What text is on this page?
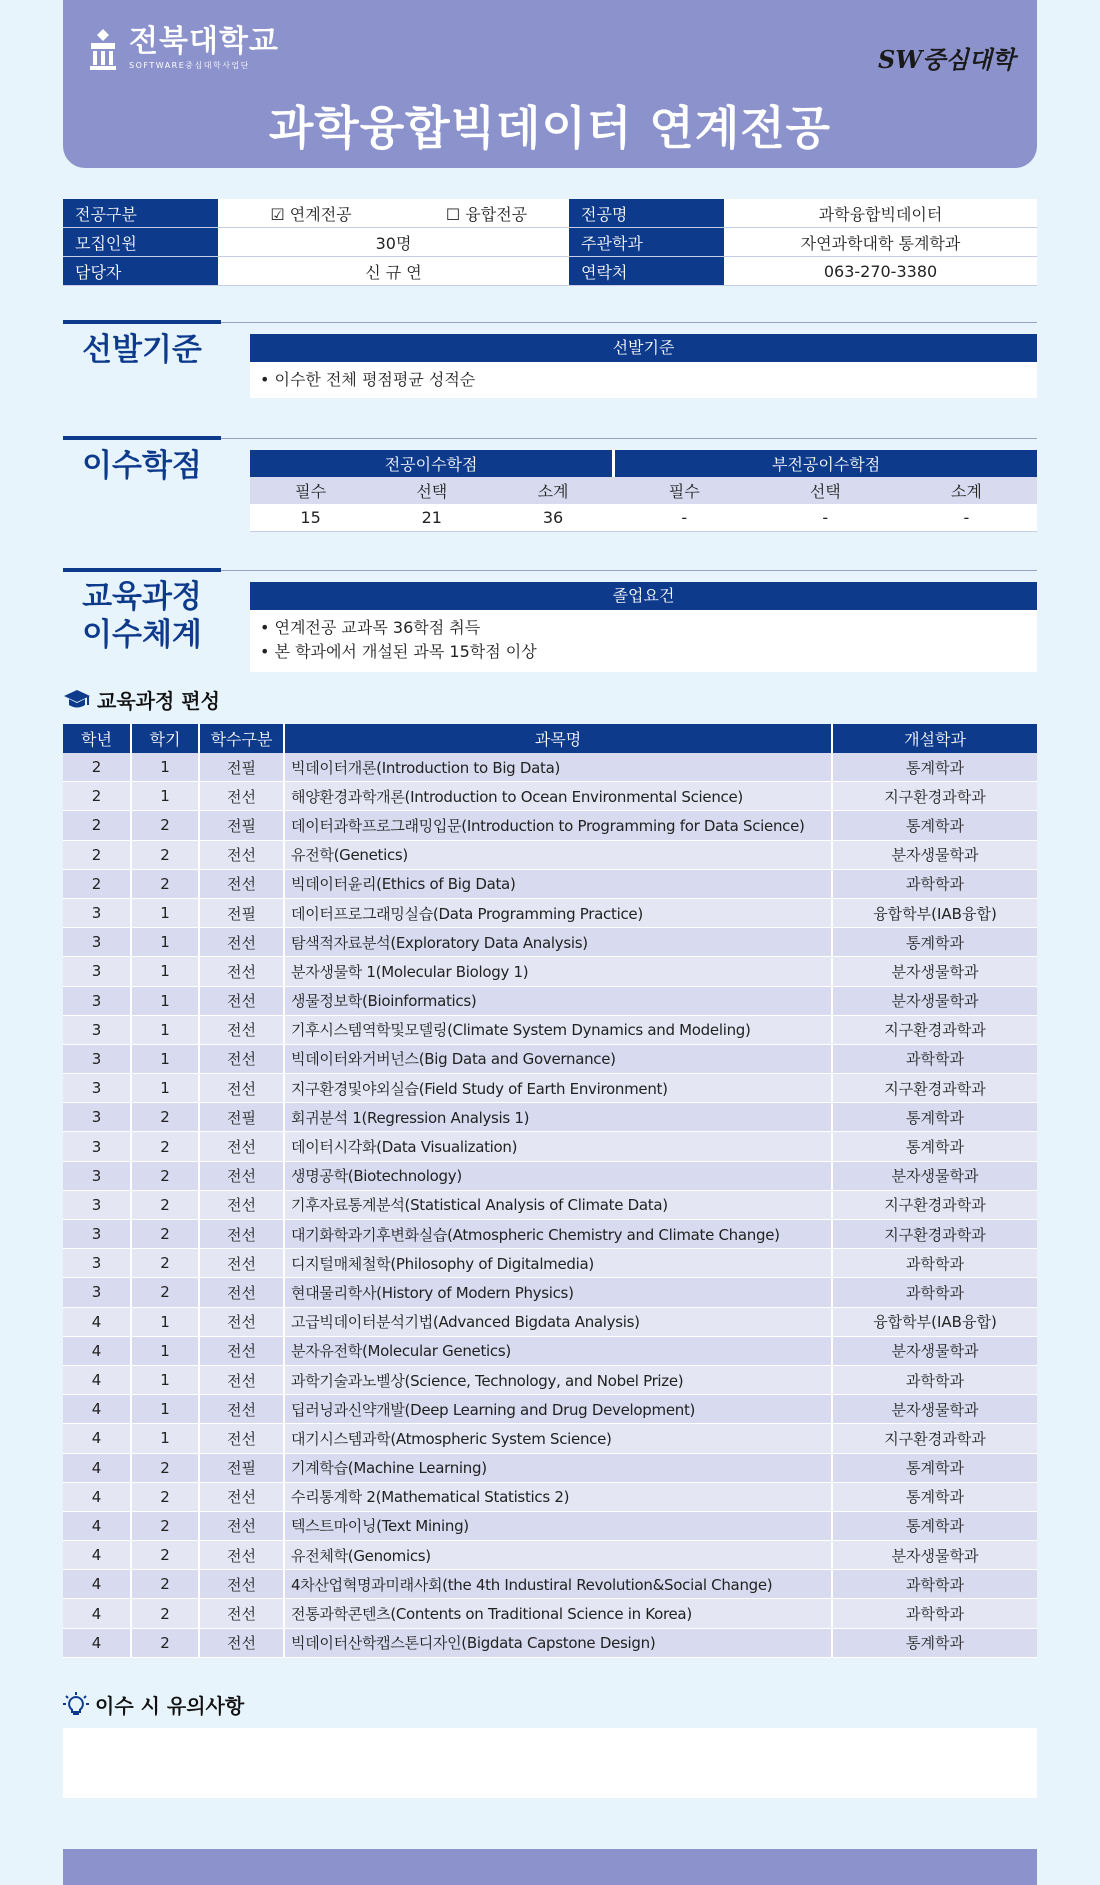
전북대학교
SOFTWARE중심대학사업단	SW중심대학
과학융합빅데이터 연계전공
전공구분	☑ 연계전공	☐ 융합전공	전공명	과학융합빅데이터
모집인원	30명		주관학과	자연과학대학 통계학과
담당자	신 규 연		연락처	063-270-3380
선발기준	선발기준
• 이수한 전체 평점평균 성적순
이수학점	전공이수학점			부전공이수학점		
필수	선택	소계	필수	선택	소계
15	21	36	-	-	-
교육과정
이수체계
졸업요건
• 연계전공 교과목 36학점 취득
• 본 학과에서 개설된 과목 15학점 이상
교육과정 편성
학년	학기	학수구분	과목명	개설학과
2	1	전필	빅데이터개론(Introduction to Big Data)	통계학과
2	1	전선	해양환경과학개론(Introduction to Ocean Environmental Science)	지구환경과학과
2	2	전필	데이터과학프로그래밍입문(Introduction to Programming for Data Science)	통계학과
2	2	전선	유전학(Genetics)	분자생물학과
2	2	전선	빅데이터윤리(Ethics of Big Data)	과학학과
3	1	전필	데이터프로그래밍실습(Data Programming Practice)	융합학부(IAB융합)
3	1	전선	탐색적자료분석(Exploratory Data Analysis)	통계학과
3	1	전선	분자생물학 1(Molecular Biology 1)	분자생물학과
3	1	전선	생물정보학(Bioinformatics)	분자생물학과
3	1	전선	기후시스템역학및모델링(Climate System Dynamics and Modeling)	지구환경과학과
3	1	전선	빅데이터와거버넌스(Big Data and Governance)	과학학과
3	1	전선	지구환경및야외실습(Field Study of Earth Environment)	지구환경과학과
3	2	전필	회귀분석 1(Regression Analysis 1)	통계학과
3	2	전선	데이터시각화(Data Visualization)	통계학과
3	2	전선	생명공학(Biotechnology)	분자생물학과
3	2	전선	기후자료통계분석(Statistical Analysis of Climate Data)	지구환경과학과
3	2	전선	대기화학과기후변화실습(Atmospheric Chemistry and Climate Change)	지구환경과학과
3	2	전선	디지털매체철학(Philosophy of Digitalmedia)	과학학과
3	2	전선	현대물리학사(History of Modern Physics)	과학학과
4	1	전선	고급빅데이터분석기법(Advanced Bigdata Analysis)	융합학부(IAB융합)
4	1	전선	분자유전학(Molecular Genetics)	분자생물학과
4	1	전선	과학기술과노벨상(Science, Technology, and Nobel Prize)	과학학과
4	1	전선	딥러닝과신약개발(Deep Learning and Drug Development)	분자생물학과
4	1	전선	대기시스템과학(Atmospheric System Science)	지구환경과학과
4	2	전필	기계학습(Machine Learning)	통계학과
4	2	전선	수리통계학 2(Mathematical Statistics 2)	통계학과
4	2	전선	텍스트마이닝(Text Mining)	통계학과
4	2	전선	유전체학(Genomics)	분자생물학과
4	2	전선	4차산업혁명과미래사회(the 4th Industiral Revolution&Social Change)	과학학과
4	2	전선	전통과학콘텐츠(Contents on Traditional Science in Korea)	과학학과
4	2	전선	빅데이터산학캡스톤디자인(Bigdata Capstone Design)	통계학과
이수 시 유의사항
